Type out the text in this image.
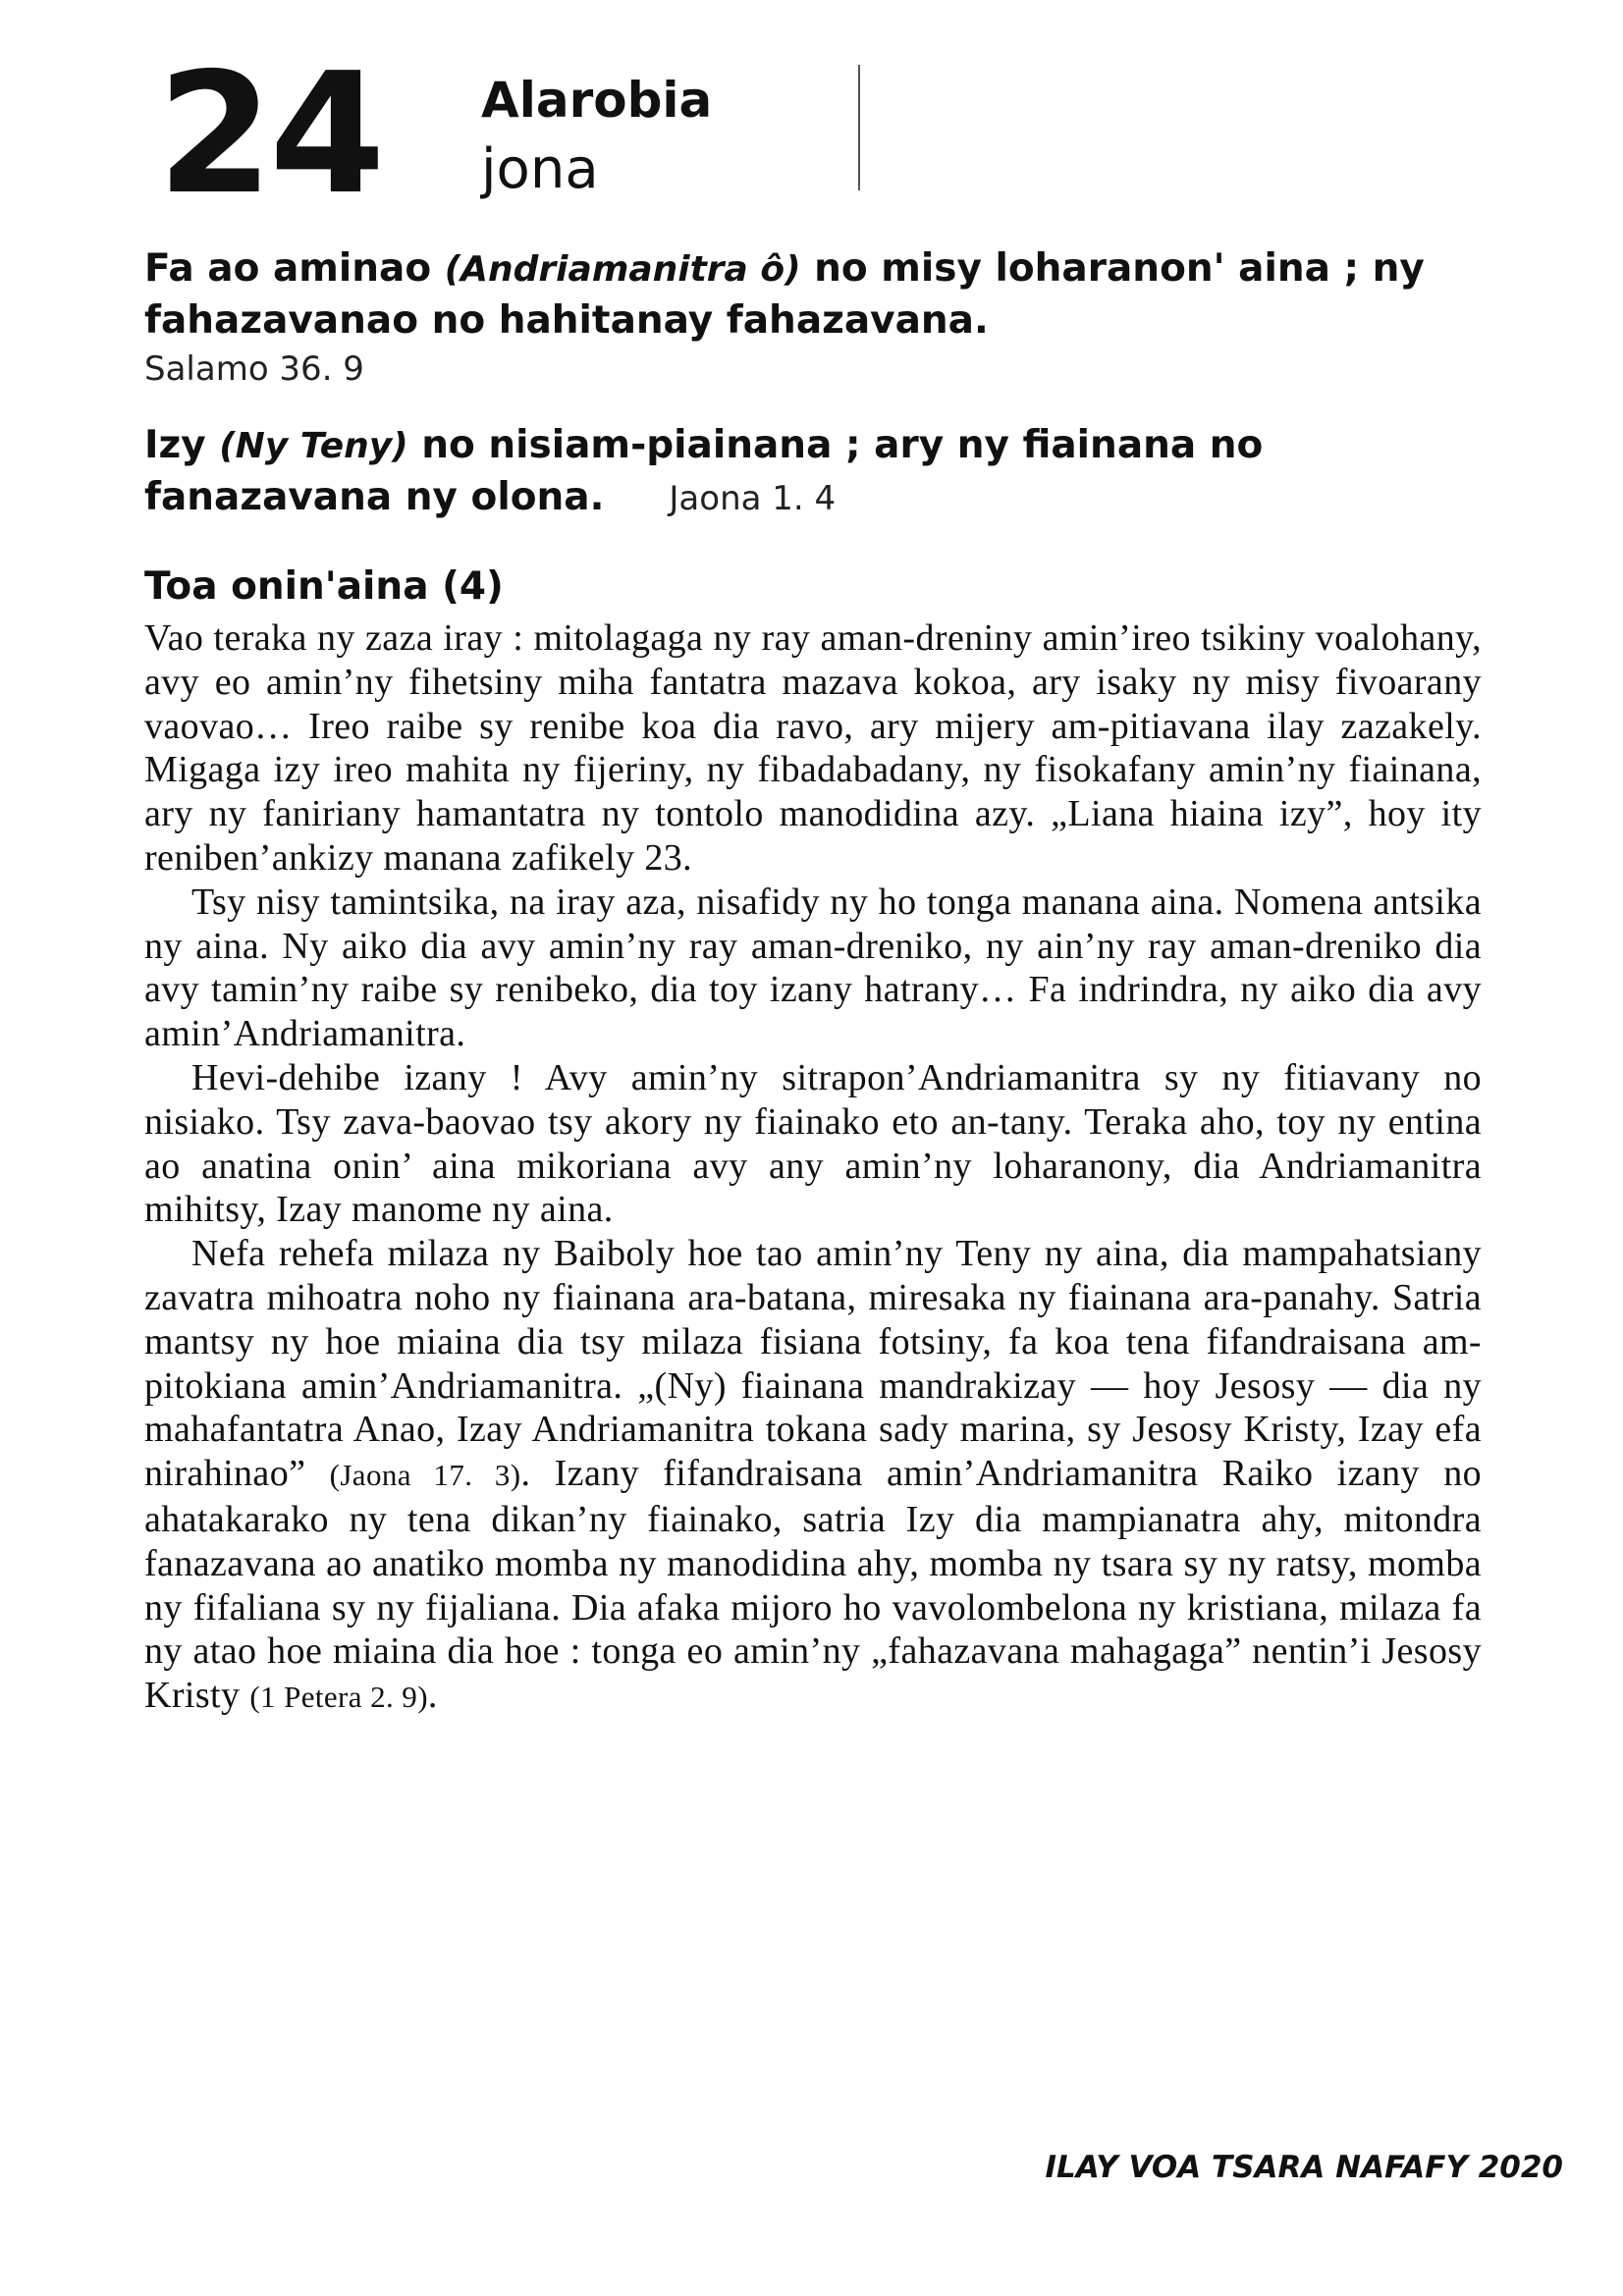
24 Alarobia
jona
Fa ao aminao (Andriamanitra ô) no misy loharanon' aina ; ny fahazavanao no hahitanay fahazavana.
Salamo 36. 9
Izy (Ny Teny) no nisiam-piainana ; ary ny fiainana no fanazavana ny olona. Jaona 1. 4
Toa onin'aina (4)

Vao teraka ny zaza iray : mitolagaga ny ray aman-dreniny amin’ireo tsikiny voalohany, avy eo amin’ny fihetsiny miha fantatra mazava kokoa, ary isaky ny misy fivoarany vaovao… Ireo raibe sy renibe koa dia ravo, ary mijery am-pitiavana ilay zazakely. Migaga izy ireo mahita ny fijeriny, ny fibadabadany, ny fisokafany amin’ny fiainana, ary ny faniriany hamantatra ny tontolo manodidina azy. „Liana hiaina izy”, hoy ity reniben’ankizy manana zafikely 23.

Tsy nisy tamintsika, na iray aza, nisafidy ny ho tonga manana aina. Nomena antsika ny aina. Ny aiko dia avy amin’ny ray aman-dreniko, ny ain’ny ray aman-dreniko dia avy tamin’ny raibe sy renibeko, dia toy izany hatrany… Fa indrindra, ny aiko dia avy amin’Andriamanitra.

Hevi-dehibe izany ! Avy amin’ny sitrapon’Andriamanitra sy ny fitiavany no nisiako. Tsy zava-baovao tsy akory ny fiainako eto an-tany. Teraka aho, toy ny entina ao anatina onin’ aina mikoriana avy any amin’ny loharanony, dia Andriamanitra mihitsy, Izay manome ny aina.

Nefa rehefa milaza ny Baiboly hoe tao amin’ny Teny ny aina, dia mampahatsiany zavatra mihoatra noho ny fiainana ara-batana, miresaka ny fiainana ara-panahy. Satria mantsy ny hoe miaina dia tsy milaza fisiana fotsiny, fa koa tena fifandraisana am-pitokiana amin’Andriamanitra. „(Ny) fiainana mandrakizay — hoy Jesosy — dia ny mahafantatra Anao, Izay Andriamanitra tokana sady marina, sy Jesosy Kristy, Izay efa nirahinao” (Jaona 17. 3). Izany fifandraisana amin’Andriamanitra Raiko izany no ahatakarako ny tena dikan’ny fiainako, satria Izy dia mampianatra ahy, mitondra fanazavana ao anatiko momba ny manodidina ahy, momba ny tsara sy ny ratsy, momba ny fifaliana sy ny fijaliana. Dia afaka mijoro ho vavolombelona ny kristiana, milaza fa ny atao hoe miaina dia hoe : tonga eo amin’ny „fahazavana mahagaga” nentin’i Jesosy Kristy (1 Petera 2. 9).

ILAY VOA TSARA NAFAFY 2020
